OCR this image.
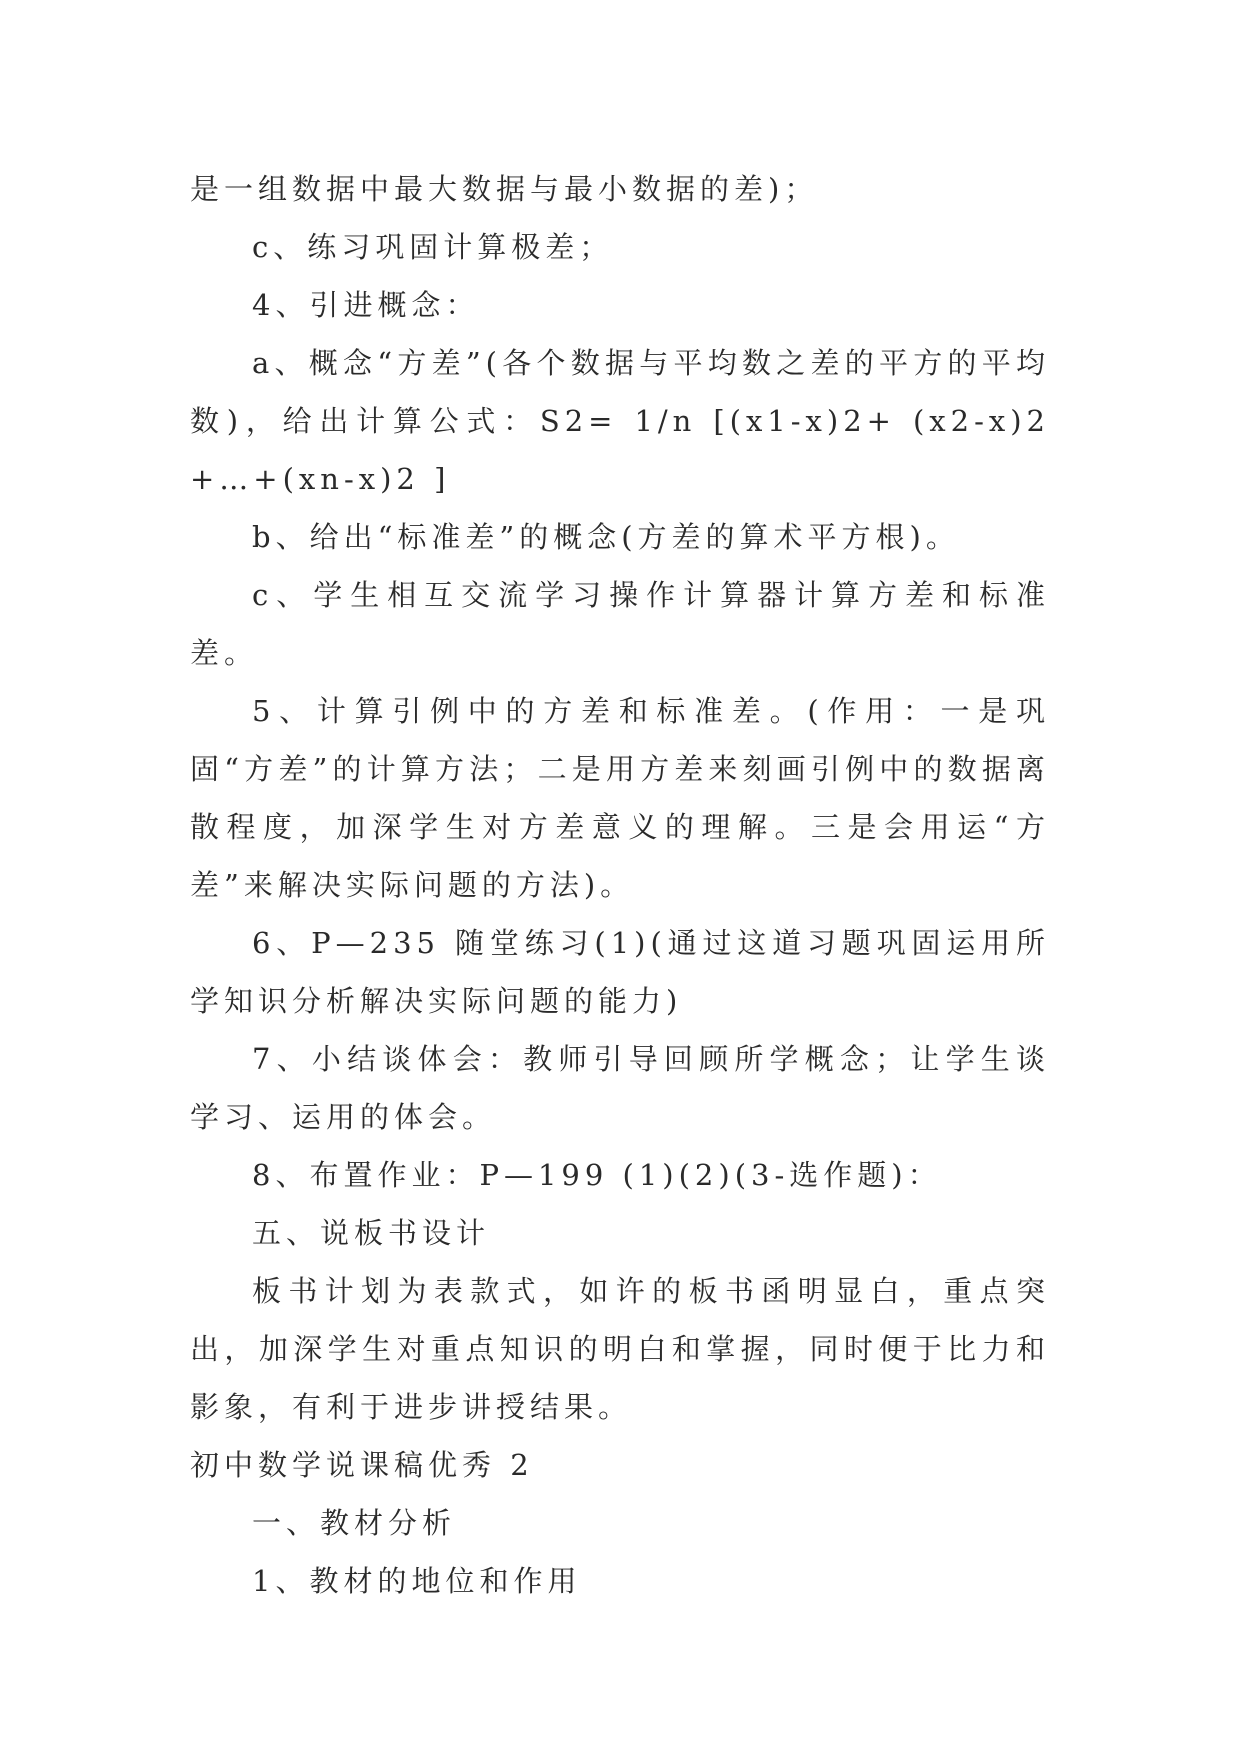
是一组数据中最大数据与最小数据的差)；

c、练习巩固计算极差；

4、引进概念：

a、概念“方差”(各个数据与平均数之差的平方的平均数)，给出计算公式：S2= 1/n [(x1-x)2+ (x2-x)2 +…+(xn-x)2 ]

b、给出“标准差”的概念(方差的算术平方根)。

c、学生相互交流学习操作计算器计算方差和标准差。

5、计算引例中的方差和标准差。(作用：一是巩固“方差”的计算方法；二是用方差来刻画引例中的数据离散程度，加深学生对方差意义的理解。三是会用运“方差”来解决实际问题的方法)。

6、P—235 随堂练习(1)(通过这道习题巩固运用所学知识分析解决实际问题的能力)

7、小结谈体会：教师引导回顾所学概念；让学生谈学习、运用的体会。

8、布置作业：P—199 (1)(2)(3-选作题)：

五、说板书设计

板书计划为表款式，如许的板书函明显白，重点突出，加深学生对重点知识的明白和掌握，同时便于比力和影象，有利于进步讲授结果。

初中数学说课稿优秀 2

一、教材分析

1、教材的地位和作用
